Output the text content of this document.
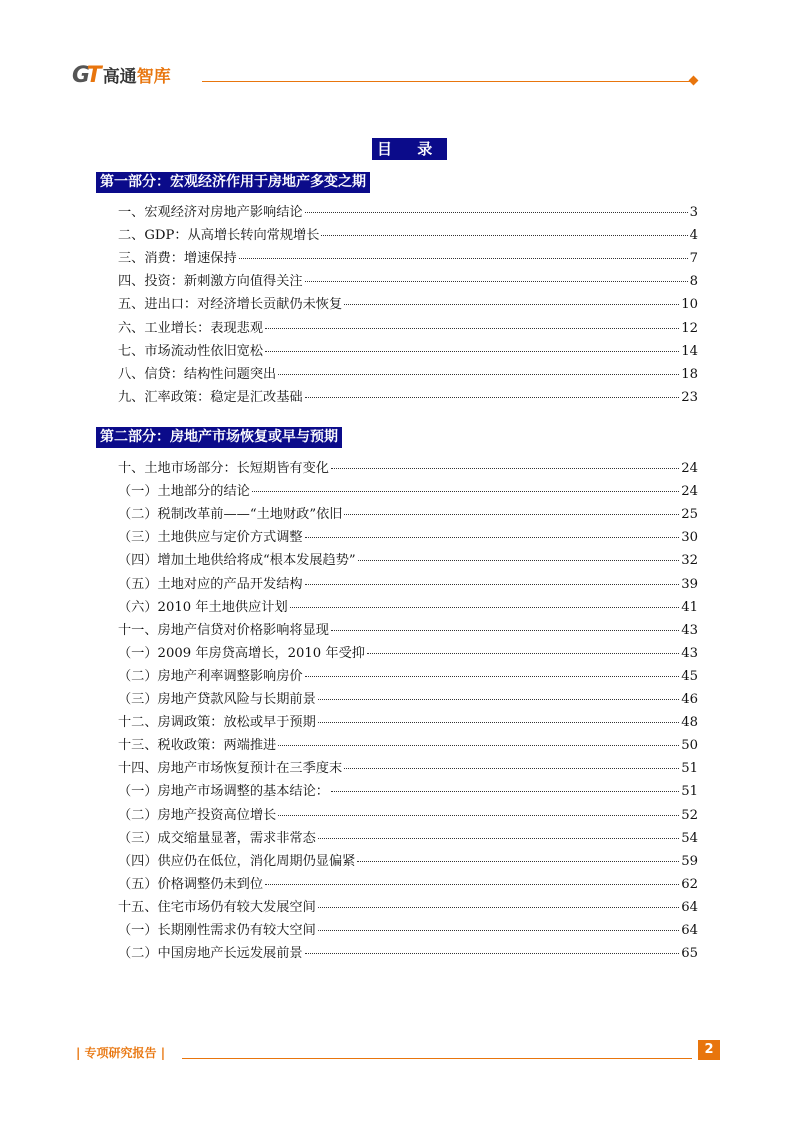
GT 高通 智库
目 录
第一部分：宏观经济作用于房地产多变之期
一、宏观经济对房地产影响结论	3
二、GDP：从高增长转向常规增长	4
三、消费：增速保持	7
四、投资：新刺激方向值得关注	8
五、进出口：对经济增长贡献仍未恢复	10
六、工业增长：表现悲观	12
七、市场流动性依旧宽松	14
八、信贷：结构性问题突出	18
九、汇率政策：稳定是汇改基础	23
第二部分：房地产市场恢复或早与预期
十、土地市场部分：长短期皆有变化	24
（一）土地部分的结论	24
（二）税制改革前——“土地财政”依旧	25
（三）土地供应与定价方式调整	30
（四）增加土地供给将成“根本发展趋势”	32
（五）土地对应的产品开发结构	39
（六）2010 年土地供应计划	41
十一、房地产信贷对价格影响将显现	43
（一）2009 年房贷高增长，2010 年受抑	43
（二）房地产利率调整影响房价	45
（三）房地产贷款风险与长期前景	46
十二、房调政策：放松或早于预期	48
十三、税收政策：两端推进	50
十四、房地产市场恢复预计在三季度末	51
（一）房地产市场调整的基本结论：	51
（二）房地产投资高位增长	52
（三）成交缩量显著，需求非常态	54
（四）供应仍在低位，消化周期仍显偏紧	59
（五）价格调整仍未到位	62
十五、住宅市场仍有较大发展空间	64
（一）长期刚性需求仍有较大空间	64
（二）中国房地产长远发展前景	65
| 专项研究报告 |	2
